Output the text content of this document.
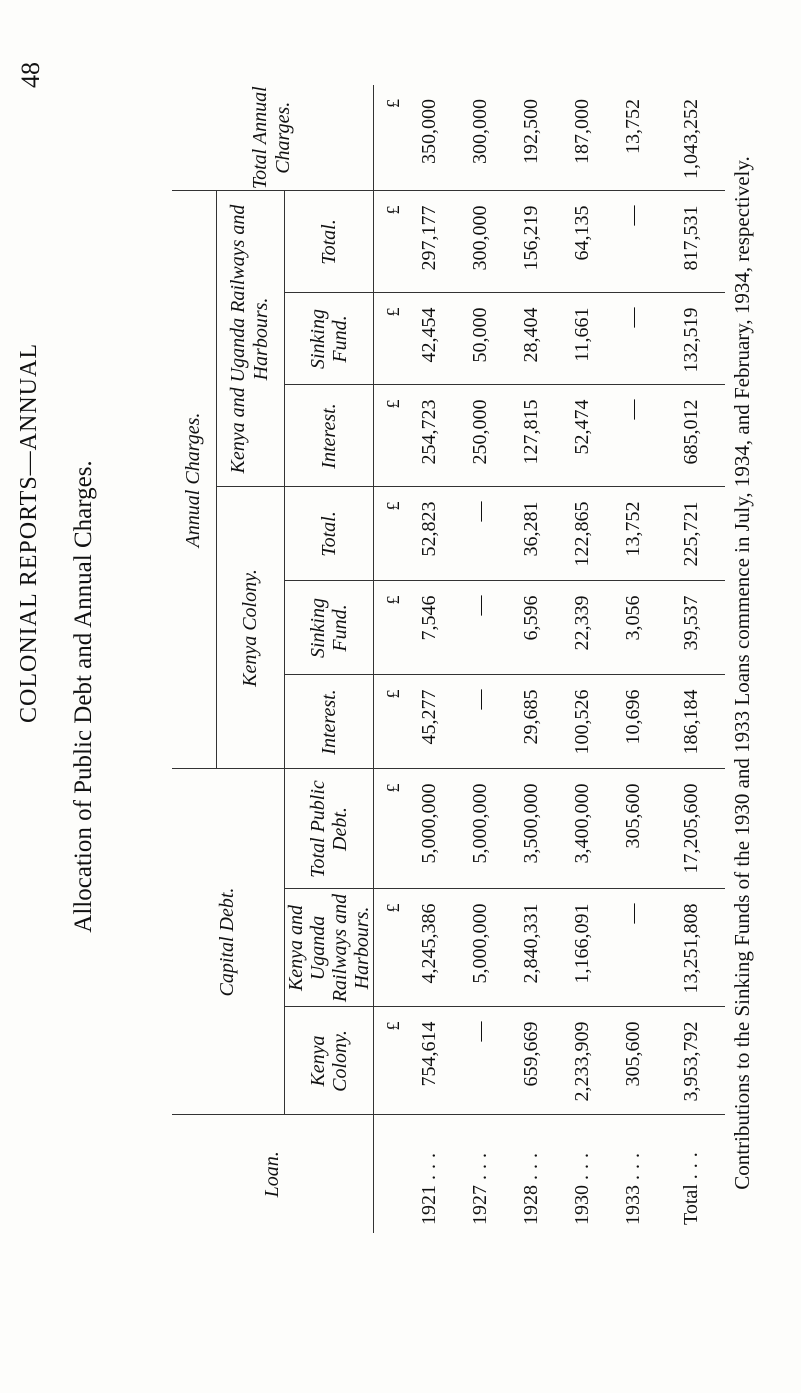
48
COLONIAL REPORTS—ANNUAL Allocation of Public Debt and Annual Charges.
Loan.	Capital Debt.			Annual Charges.						Total Annual Charges.
				Kenya Colony.			Kenya and Uganda Railways and Harbours.			
	Kenya Colony.	Kenya and Uganda Railways and Harbours.	Total Public Debt.	Interest.	Sinking Fund.	Total.	Interest.	Sinking Fund.	Total.	
	£	£	£	£	£	£	£	£	£	£
1921 ...	754,614	4,245,386	5,000,000	45,277	7,546	52,823	254,723	42,454	297,177	350,000
1927 ...	—	5,000,000	5,000,000	—	—	—	250,000	50,000	300,000	300,000
1928 ...	659,669	2,840,331	3,500,000	29,685	6,596	36,281	127,815	28,404	156,219	192,500
1930 ...	2,233,909	1,166,091	3,400,000	100,526	22,339	122,865	52,474	11,661	64,135	187,000
1933 ...	305,600	—	305,600	10,696	3,056	13,752	—	—	—	13,752
Total ...	3,953,792	13,251,808	17,205,600	186,184	39,537	225,721	685,012	132,519	817,531	1,043,252
Contributions to the Sinking Funds of the 1930 and 1933 Loans commence in July, 1934, and February, 1934, respectively.
